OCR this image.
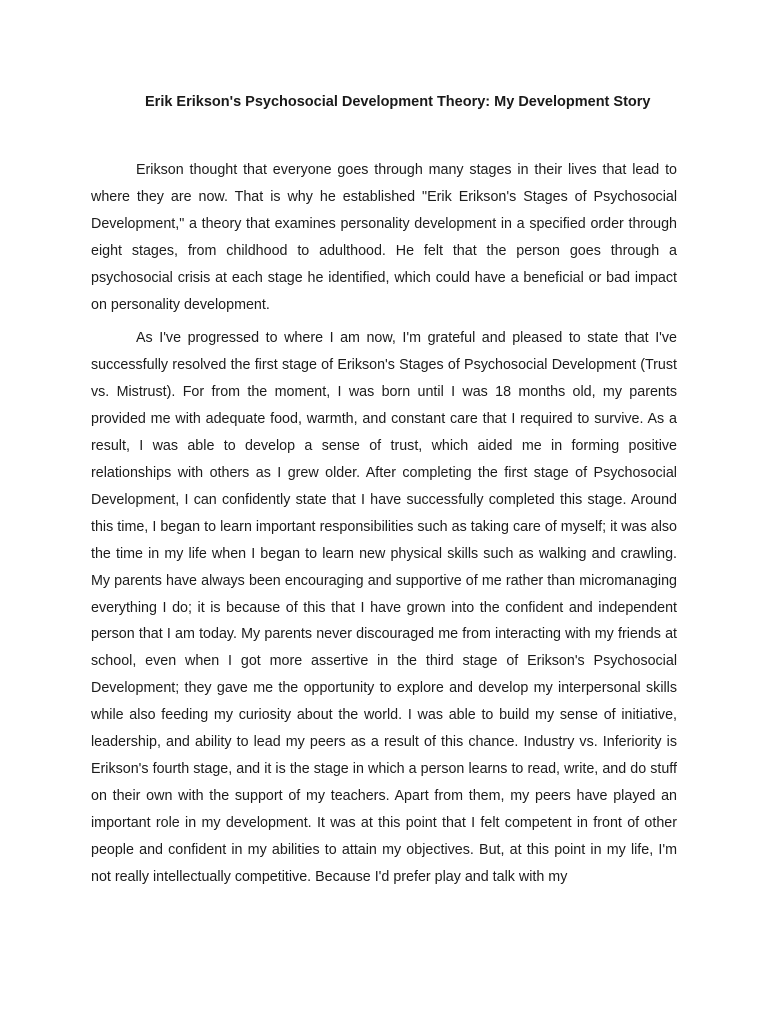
Erik Erikson's Psychosocial Development Theory: My Development Story

Erikson thought that everyone goes through many stages in their lives that lead to where they are now. That is why he established "Erik Erikson's Stages of Psychosocial Development," a theory that examines personality development in a specified order through eight stages, from childhood to adulthood. He felt that the person goes through a psychosocial crisis at each stage he identified, which could have a beneficial or bad impact on personality development.

As I've progressed to where I am now, I'm grateful and pleased to state that I've successfully resolved the first stage of Erikson's Stages of Psychosocial Development (Trust vs. Mistrust). For from the moment, I was born until I was 18 months old, my parents provided me with adequate food, warmth, and constant care that I required to survive. As a result, I was able to develop a sense of trust, which aided me in forming positive relationships with others as I grew older. After completing the first stage of Psychosocial Development, I can confidently state that I have successfully completed this stage. Around this time, I began to learn important responsibilities such as taking care of myself; it was also the time in my life when I began to learn new physical skills such as walking and crawling. My parents have always been encouraging and supportive of me rather than micromanaging everything I do; it is because of this that I have grown into the confident and independent person that I am today. My parents never discouraged me from interacting with my friends at school, even when I got more assertive in the third stage of Erikson's Psychosocial Development; they gave me the opportunity to explore and develop my interpersonal skills while also feeding my curiosity about the world. I was able to build my sense of initiative, leadership, and ability to lead my peers as a result of this chance. Industry vs. Inferiority is Erikson's fourth stage, and it is the stage in which a person learns to read, write, and do stuff on their own with the support of my teachers. Apart from them, my peers have played an important role in my development. It was at this point that I felt competent in front of other people and confident in my abilities to attain my objectives. But, at this point in my life, I'm not really intellectually competitive. Because I'd prefer play and talk with my
